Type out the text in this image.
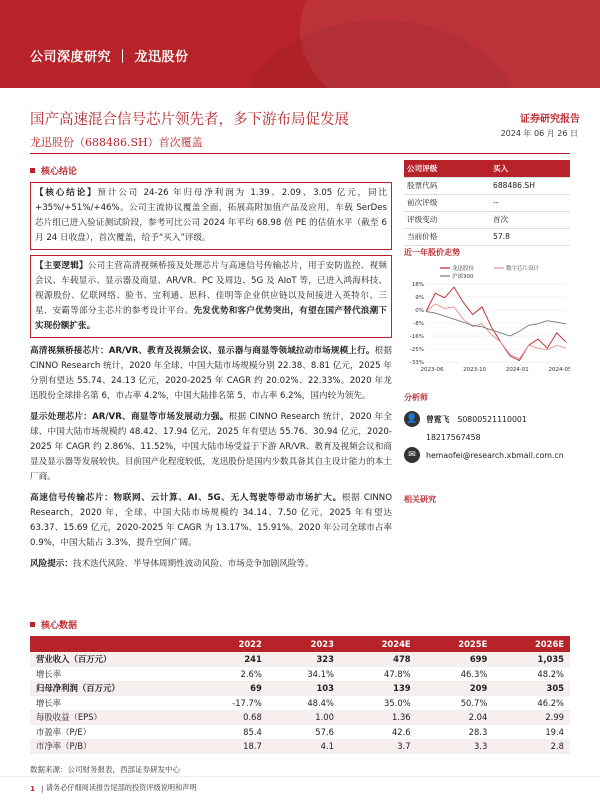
公司深度研究 ｜ 龙迅股份
国产高速混合信号芯片领先者，多下游布局促发展
龙迅股份（688486.SH）首次覆盖
证券研究报告
2024 年 06 月 26 日
核心结论

【核心结论】预计公司 24-26 年归母净利润为 1.39、2.09、3.05 亿元，同比+35%/+51%/+46%。公司主流协议覆盖全面，拓展高附加值产品及应用，车载 SerDes 芯片组已进入验证测试阶段，参考可比公司 2024 年平均 68.98 倍 PE 的估值水平（截至 6 月 24 日收盘），首次覆盖，给予“买入”评级。

【主要逻辑】公司主营高清视频桥接及处理芯片与高速信号传输芯片，用于安防监控、视频会议、车载显示、显示器及商显、AR/VR、PC 及周边、5G 及 AIoT 等，已进入鸿海科技、视源股份、亿联网络、脸书、宝利通、思科、佳明等企业供应链以及间接进入英特尔、三星、安霸等部分主芯片的参考设计平台。先发优势和客户优势突出，有望在国产替代浪潮下实现份额扩张。

高清视频桥接芯片：AR/VR、教育及视频会议、显示器与商显等领域拉动市场规模上行。根据 CINNO Research 统计，2020 年全球、中国大陆市场规模分别 22.38、8.81 亿元，2025 年分别有望达 55.74、24.13 亿元，2020-2025 年 CAGR 约 20.02%、22.33%。2020 年龙迅股份全球排名第 6，市占率 4.2%，中国大陆排名第 5，市占率 6.2%，国内较为领先。

显示处理芯片：AR/VR、商显等市场发展动力强。根据 CINNO Research 统计，2020 年全球、中国大陆市场规模约 48.42、17.94 亿元，2025 年有望达 55.76、30.94 亿元，2020-2025 年 CAGR 约 2.86%、11.52%，中国大陆市场受益于下游 AR/VR、教育及视频会议和商显及显示器等发展较快。目前国产化程度较低，龙迅股份是国内少数具备其自主设计能力的本土厂商。

高速信号传输芯片：物联网、云计算、AI、5G、无人驾驶等带动市场扩大。根据 CINNO Research，2020 年，全球、中国大陆市场规模约 34.14、7.50 亿元，2025 年有望达 63.37、15.69 亿元，2020-2025 年 CAGR 为 13.17%、15.91%。2020 年公司全球市占率 0.9%，中国大陆占 3.3%，提升空间广阔。

风险提示：技术迭代风险、半导体周期性波动风险、市场竞争加剧风险等。

公司评级	买入
股票代码	688486.SH
前次评级	--
评级变动	首次
当前价格	57.8
近一年股价走势
18%
9%
0%
-8%
-16%
-25%
-33%
2023-06	2023-10	2024-01	2024-05
龙迅股份	数字芯片设计
沪深300
分析师
👤	曾霓飞 S0800521110001
18217567458
✉	hemaofei@research.xbmail.com.cn
相关研究
核心数据
	2022	2023	2024E	2025E	2026E
营业收入（百万元）	241	323	478	699	1,035
增长率	2.6%	34.1%	47.8%	46.3%	48.2%
归母净利润（百万元）	69	103	139	209	305
增长率	-17.7%	48.4%	35.0%	50.7%	46.2%
每股收益（EPS）	0.68	1.00	1.36	2.04	2.99
市盈率（P/E）	85.4	57.6	42.6	28.3	19.4
市净率（P/B）	18.7	4.1	3.7	3.3	2.8
数据来源：公司财务报表，西部证券研发中心
1 | 请务必仔细阅读报告尾部的投资评级说明和声明
